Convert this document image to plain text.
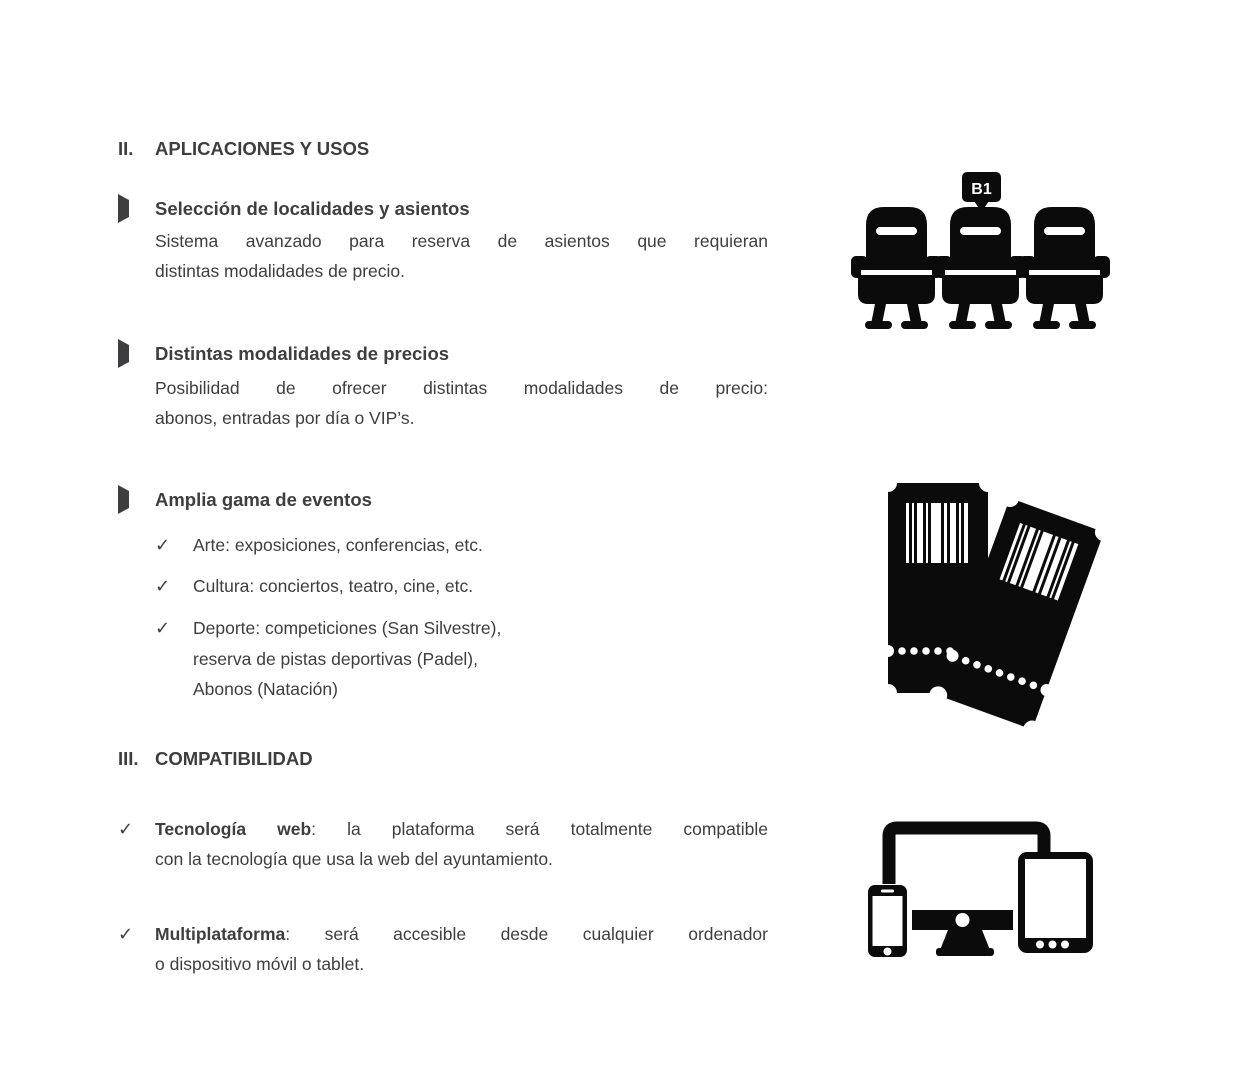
II.	APLICACIONES Y USOS
Selección de localidades y asientos
Sistema avanzado para reserva de asientos que requieran
distintas modalidades de precio.
Distintas modalidades de precios
Posibilidad de ofrecer distintas modalidades de precio:
abonos, entradas por día o VIP’s.
Amplia gama de eventos
✓	Arte: exposiciones, conferencias, etc.
✓	Cultura: conciertos, teatro, cine, etc.
✓	Deporte: competiciones (San Silvestre),
reserva de pistas deportivas (Padel),
Abonos (Natación)
III. COMPATIBILIDAD
✓	Tecnología web: la plataforma será totalmente compatible
con la tecnología que usa la web del ayuntamiento.
✓	Multiplataforma: será accesible desde cualquier ordenador
o dispositivo móvil o tablet.
B1
